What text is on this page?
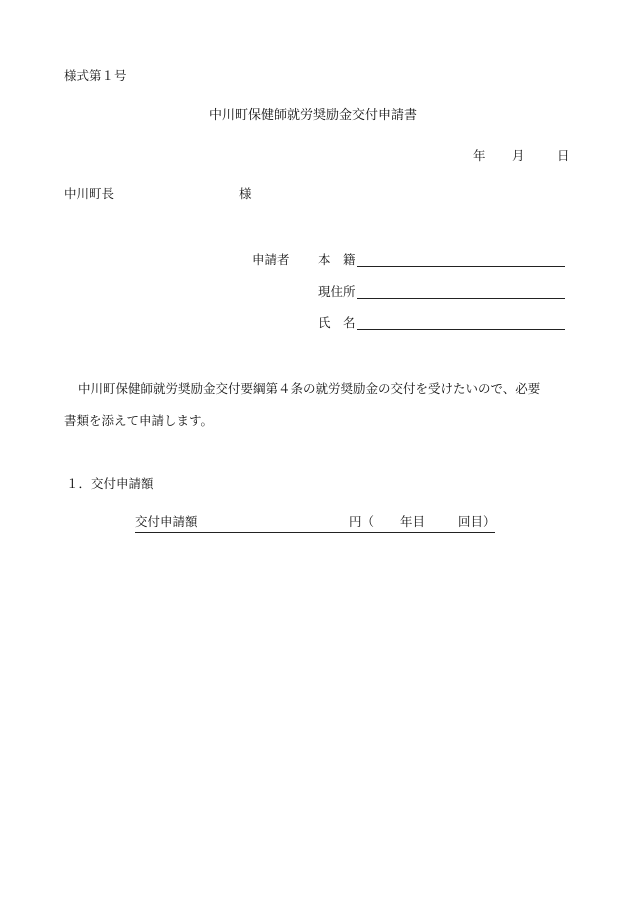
様式第１号
中川町保健師就労奨励金交付申請書
年 月	日
中川町長	様
申請者 本　籍
現住所
氏　名
中川町保健師就労奨励金交付要綱第４条の就労奨励金の交付を受けたいので、必要
書類を添えて申請します。
１．交付申請額
交付申請額	円（ 年目	回目）
